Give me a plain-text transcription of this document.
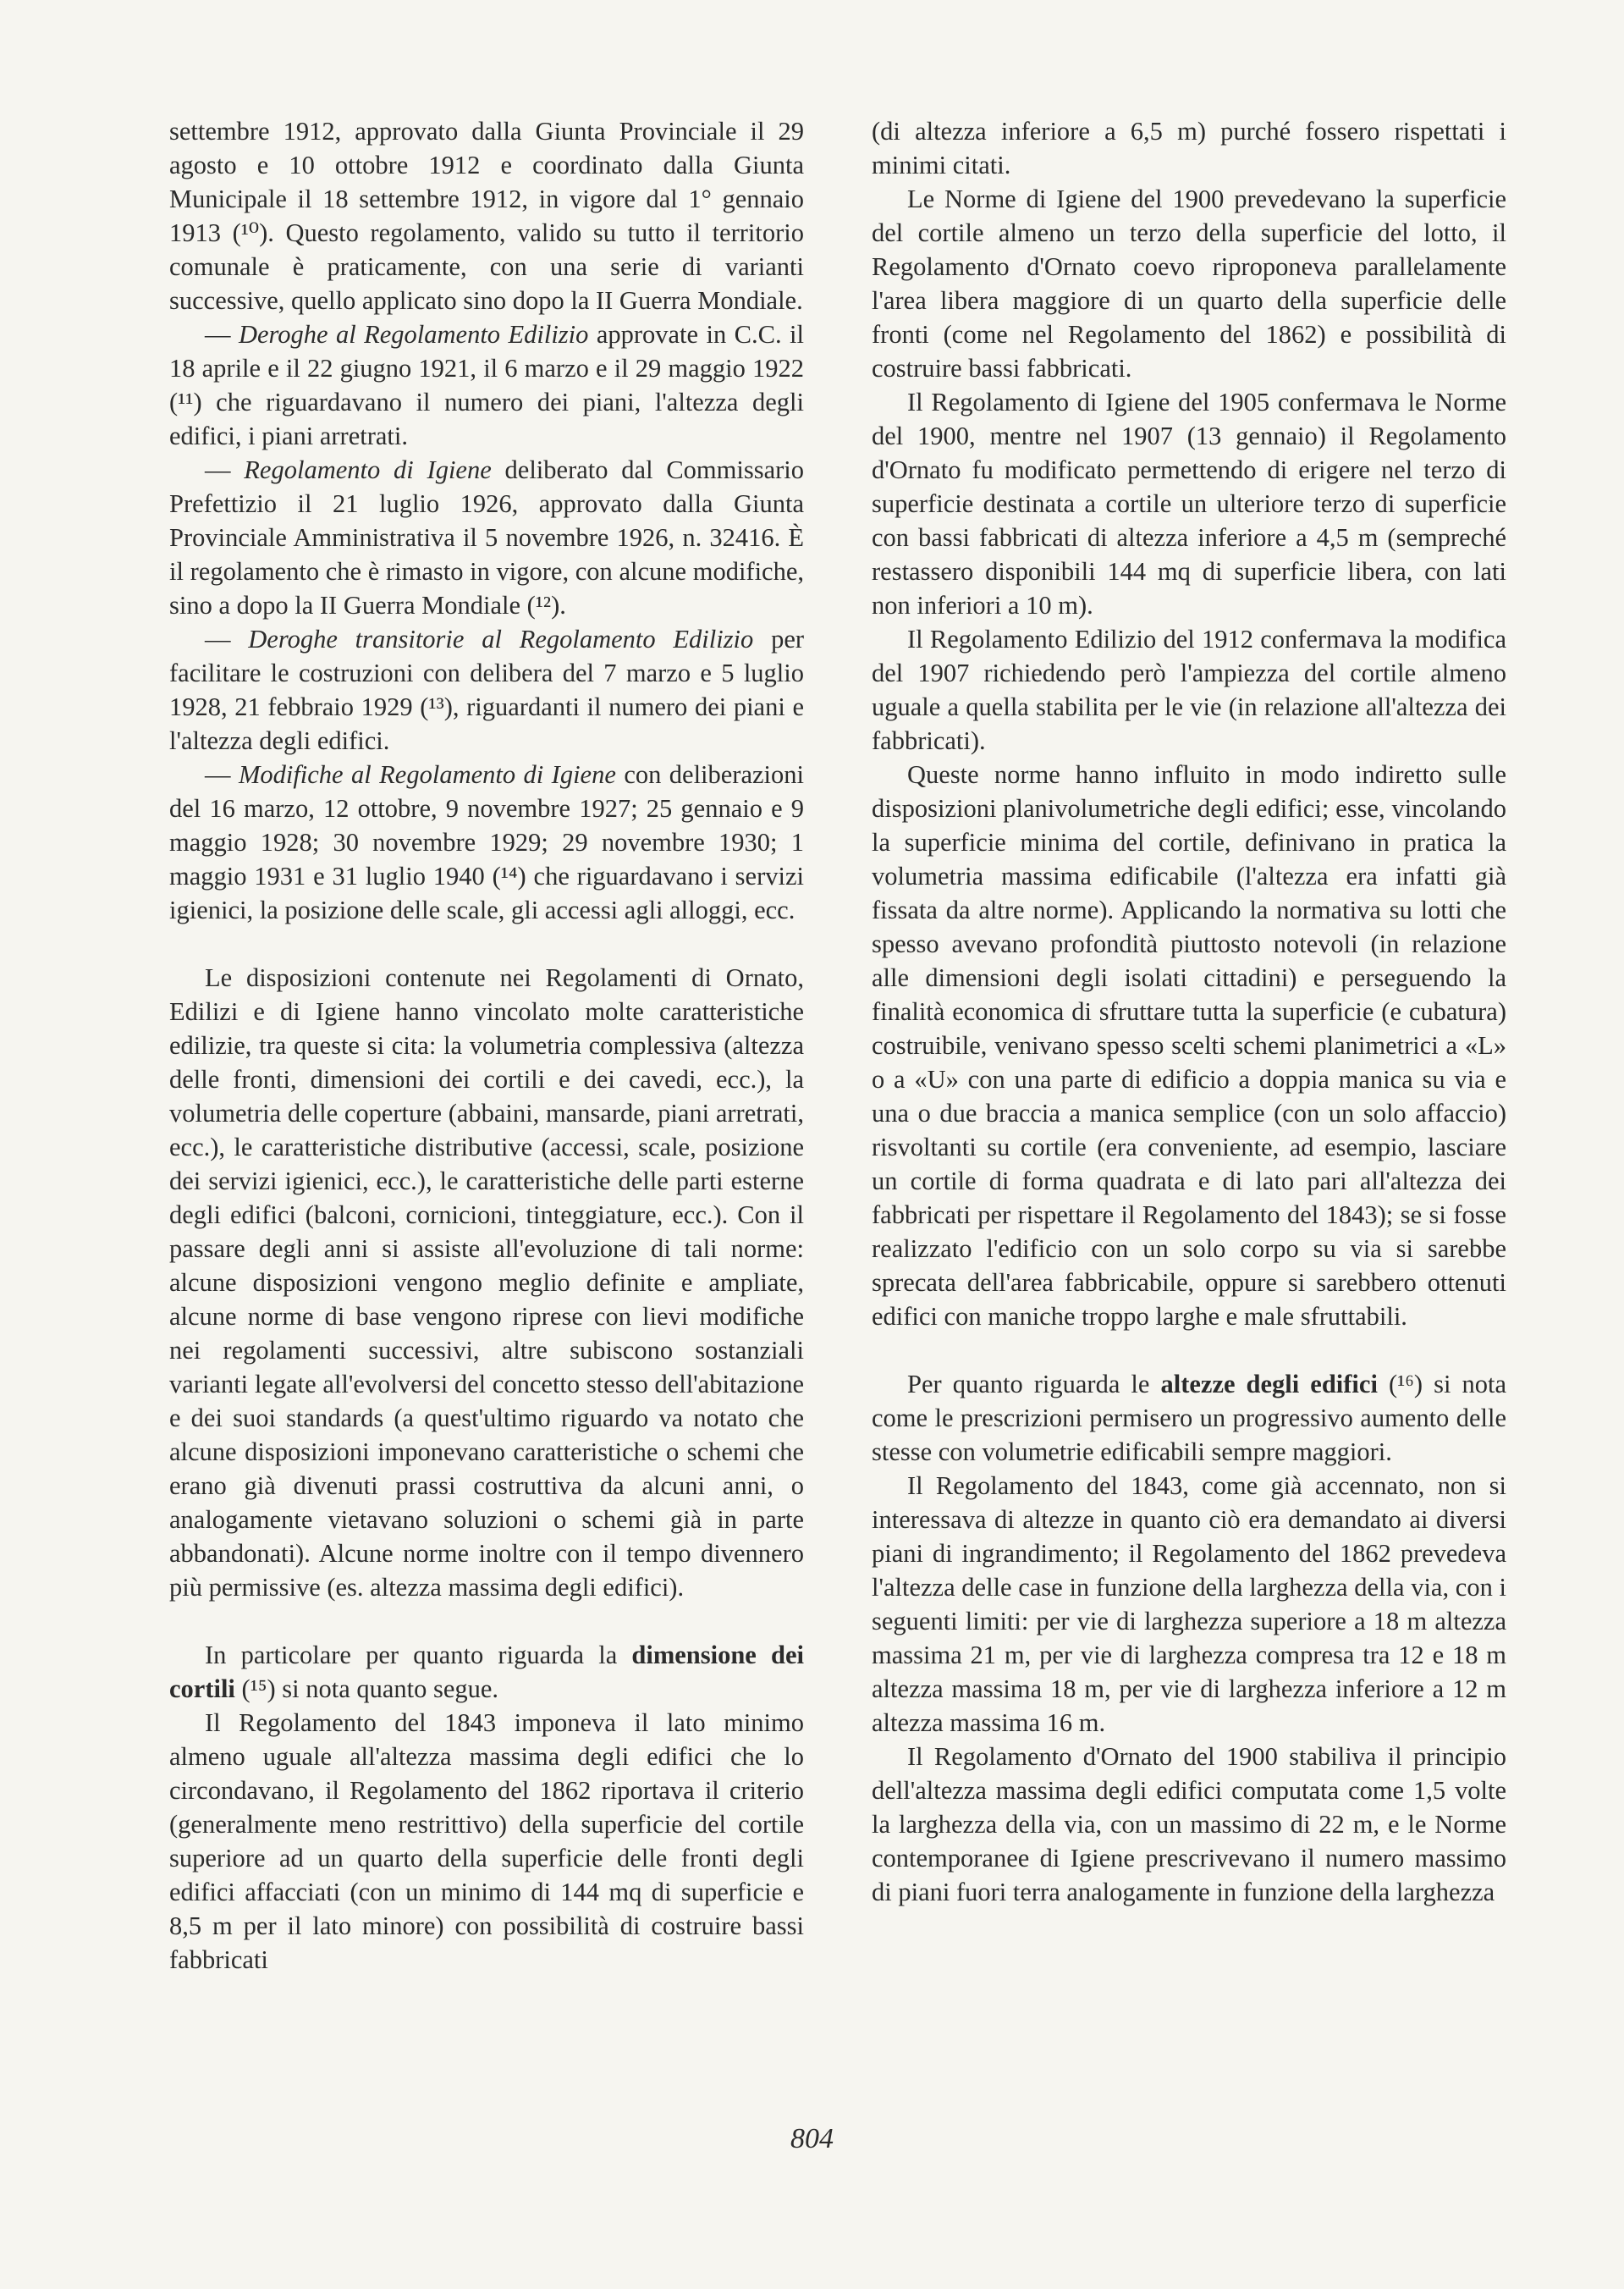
settembre 1912, approvato dalla Giunta Provinciale il 29 agosto e 10 ottobre 1912 e coordinato dalla Giunta Municipale il 18 settembre 1912, in vigore dal 1° gennaio 1913 (¹⁰). Questo regolamento, valido su tutto il territorio comunale è praticamente, con una serie di varianti successive, quello applicato sino dopo la II Guerra Mondiale.

— Deroghe al Regolamento Edilizio approvate in C.C. il 18 aprile e il 22 giugno 1921, il 6 marzo e il 29 maggio 1922 (¹¹) che riguardavano il numero dei piani, l'altezza degli edifici, i piani arretrati.

— Regolamento di Igiene deliberato dal Commissario Prefettizio il 21 luglio 1926, approvato dalla Giunta Provinciale Amministrativa il 5 novembre 1926, n. 32416. È il regolamento che è rimasto in vigore, con alcune modifiche, sino a dopo la II Guerra Mondiale (¹²).

— Deroghe transitorie al Regolamento Edilizio per facilitare le costruzioni con delibera del 7 marzo e 5 luglio 1928, 21 febbraio 1929 (¹³), riguardanti il numero dei piani e l'altezza degli edifici.

— Modifiche al Regolamento di Igiene con deliberazioni del 16 marzo, 12 ottobre, 9 novembre 1927; 25 gennaio e 9 maggio 1928; 30 novembre 1929; 29 novembre 1930; 1 maggio 1931 e 31 luglio 1940 (¹⁴) che riguardavano i servizi igienici, la posizione delle scale, gli accessi agli alloggi, ecc.

Le disposizioni contenute nei Regolamenti di Ornato, Edilizi e di Igiene hanno vincolato molte caratteristiche edilizie, tra queste si cita: la volumetria complessiva (altezza delle fronti, dimensioni dei cortili e dei cavedi, ecc.), la volumetria delle coperture (abbaini, mansarde, piani arretrati, ecc.), le caratteristiche distributive (accessi, scale, posizione dei servizi igienici, ecc.), le caratteristiche delle parti esterne degli edifici (balconi, cornicioni, tinteggiature, ecc.). Con il passare degli anni si assiste all'evoluzione di tali norme: alcune disposizioni vengono meglio definite e ampliate, alcune norme di base vengono riprese con lievi modifiche nei regolamenti successivi, altre subiscono sostanziali varianti legate all'evolversi del concetto stesso dell'abitazione e dei suoi standards (a quest'ultimo riguardo va notato che alcune disposizioni imponevano caratteristiche o schemi che erano già divenuti prassi costruttiva da alcuni anni, o analogamente vietavano soluzioni o schemi già in parte abbandonati). Alcune norme inoltre con il tempo divennero più permissive (es. altezza massima degli edifici).

In particolare per quanto riguarda la dimensione dei cortili (¹⁵) si nota quanto segue.

Il Regolamento del 1843 imponeva il lato minimo almeno uguale all'altezza massima degli edifici che lo circondavano, il Regolamento del 1862 riportava il criterio (generalmente meno restrittivo) della superficie del cortile superiore ad un quarto della superficie delle fronti degli edifici affacciati (con un minimo di 144 mq di superficie e 8,5 m per il lato minore) con possibilità di costruire bassi fabbricati

(di altezza inferiore a 6,5 m) purché fossero rispettati i minimi citati.

Le Norme di Igiene del 1900 prevedevano la superficie del cortile almeno un terzo della superficie del lotto, il Regolamento d'Ornato coevo riproponeva parallelamente l'area libera maggiore di un quarto della superficie delle fronti (come nel Regolamento del 1862) e possibilità di costruire bassi fabbricati.

Il Regolamento di Igiene del 1905 confermava le Norme del 1900, mentre nel 1907 (13 gennaio) il Regolamento d'Ornato fu modificato permettendo di erigere nel terzo di superficie destinata a cortile un ulteriore terzo di superficie con bassi fabbricati di altezza inferiore a 4,5 m (sempreché restassero disponibili 144 mq di superficie libera, con lati non inferiori a 10 m).

Il Regolamento Edilizio del 1912 confermava la modifica del 1907 richiedendo però l'ampiezza del cortile almeno uguale a quella stabilita per le vie (in relazione all'altezza dei fabbricati).

Queste norme hanno influito in modo indiretto sulle disposizioni planivolumetriche degli edifici; esse, vincolando la superficie minima del cortile, definivano in pratica la volumetria massima edificabile (l'altezza era infatti già fissata da altre norme). Applicando la normativa su lotti che spesso avevano profondità piuttosto notevoli (in relazione alle dimensioni degli isolati cittadini) e perseguendo la finalità economica di sfruttare tutta la superficie (e cubatura) costruibile, venivano spesso scelti schemi planimetrici a «L» o a «U» con una parte di edificio a doppia manica su via e una o due braccia a manica semplice (con un solo affaccio) risvoltanti su cortile (era conveniente, ad esempio, lasciare un cortile di forma quadrata e di lato pari all'altezza dei fabbricati per rispettare il Regolamento del 1843); se si fosse realizzato l'edificio con un solo corpo su via si sarebbe sprecata dell'area fabbricabile, oppure si sarebbero ottenuti edifici con maniche troppo larghe e male sfruttabili.

Per quanto riguarda le altezze degli edifici (¹⁶) si nota come le prescrizioni permisero un progressivo aumento delle stesse con volumetrie edificabili sempre maggiori.

Il Regolamento del 1843, come già accennato, non si interessava di altezze in quanto ciò era demandato ai diversi piani di ingrandimento; il Regolamento del 1862 prevedeva l'altezza delle case in funzione della larghezza della via, con i seguenti limiti: per vie di larghezza superiore a 18 m altezza massima 21 m, per vie di larghezza compresa tra 12 e 18 m altezza massima 18 m, per vie di larghezza inferiore a 12 m altezza massima 16 m.

Il Regolamento d'Ornato del 1900 stabiliva il principio dell'altezza massima degli edifici computata come 1,5 volte la larghezza della via, con un massimo di 22 m, e le Norme contemporanee di Igiene prescrivevano il numero massimo di piani fuori terra analogamente in funzione della larghezza

804
